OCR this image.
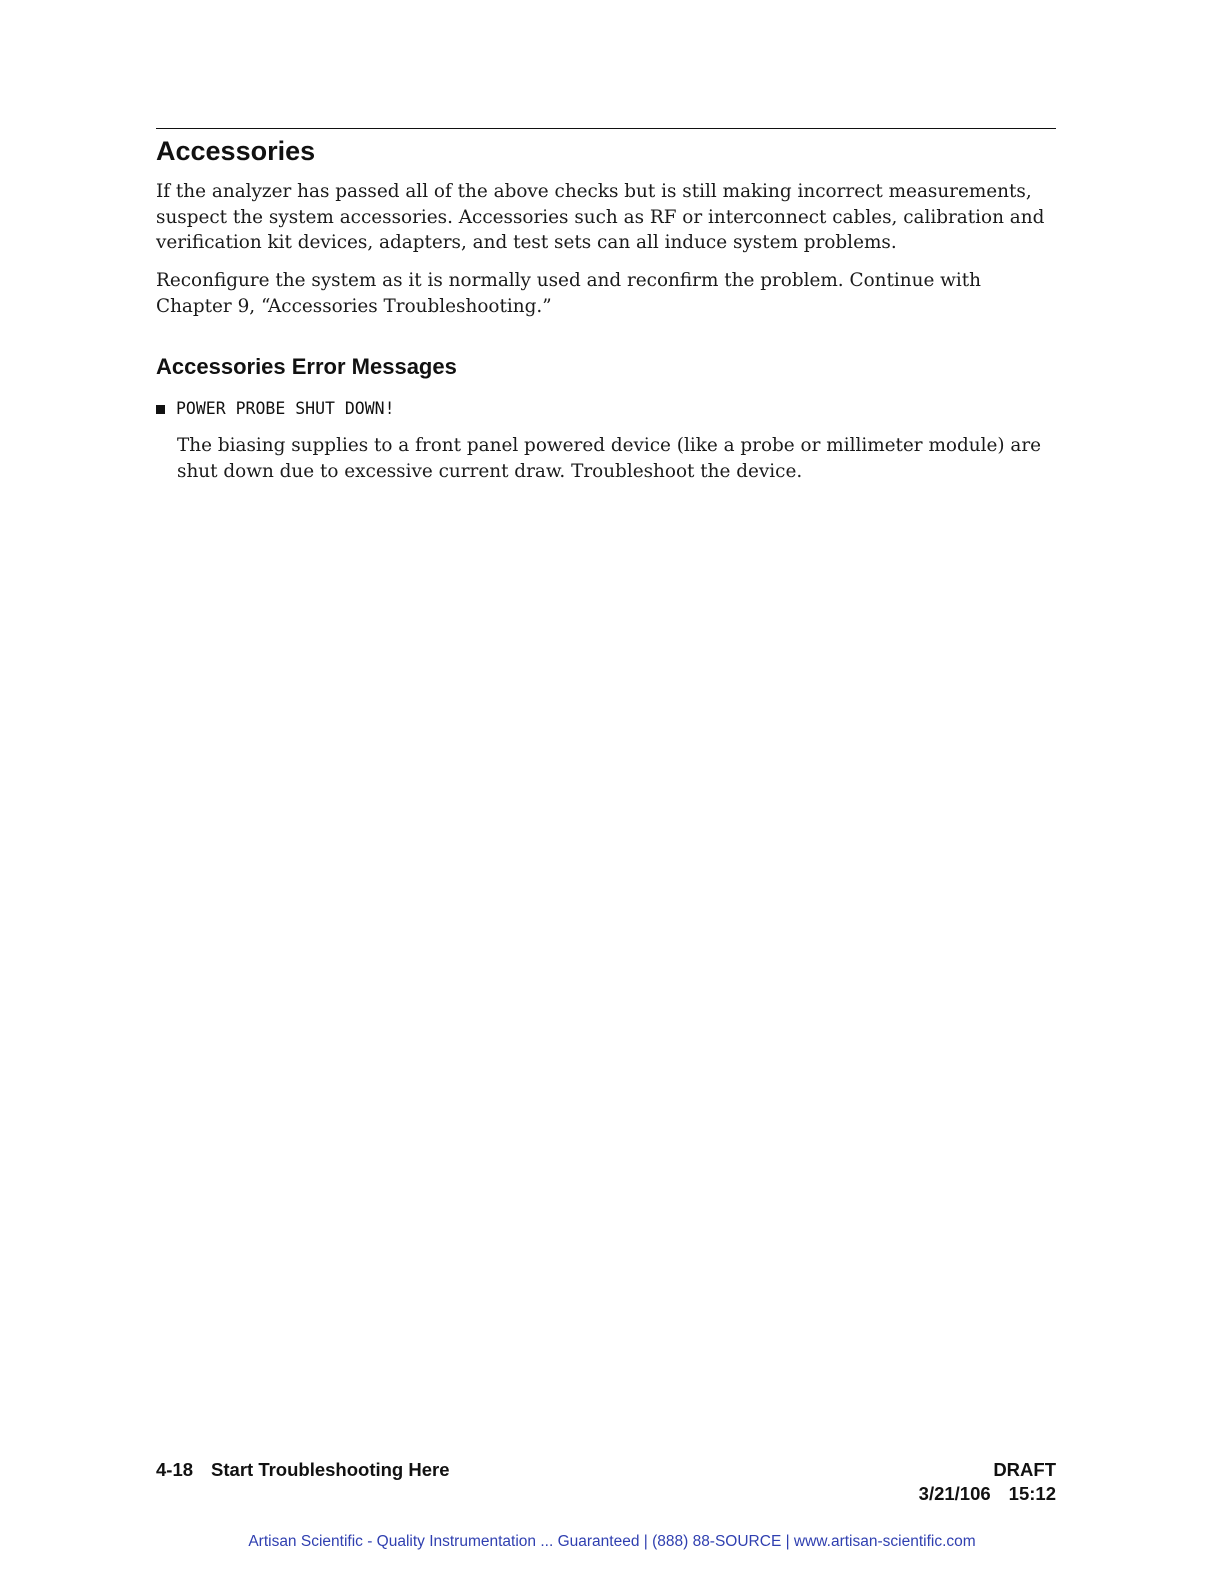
Accessories

If the analyzer has passed all of the above checks but is still making incorrect measurements, suspect the system accessories. Accessories such as RF or interconnect cables, calibration and verification kit devices, adapters, and test sets can all induce system problems.

Reconfigure the system as it is normally used and reconfirm the problem. Continue with Chapter 9, “Accessories Troubleshooting.”

Accessories Error Messages
POWER PROBE SHUT DOWN!

The biasing supplies to a front panel powered device (like a probe or millimeter module) are shut down due to excessive current draw. Troubleshoot the device.

4-18 Start Troubleshooting Here	DRAFT
3/21/106 15:12
Artisan Scientific - Quality Instrumentation ... Guaranteed | (888) 88-SOURCE | www.artisan-scientific.com
